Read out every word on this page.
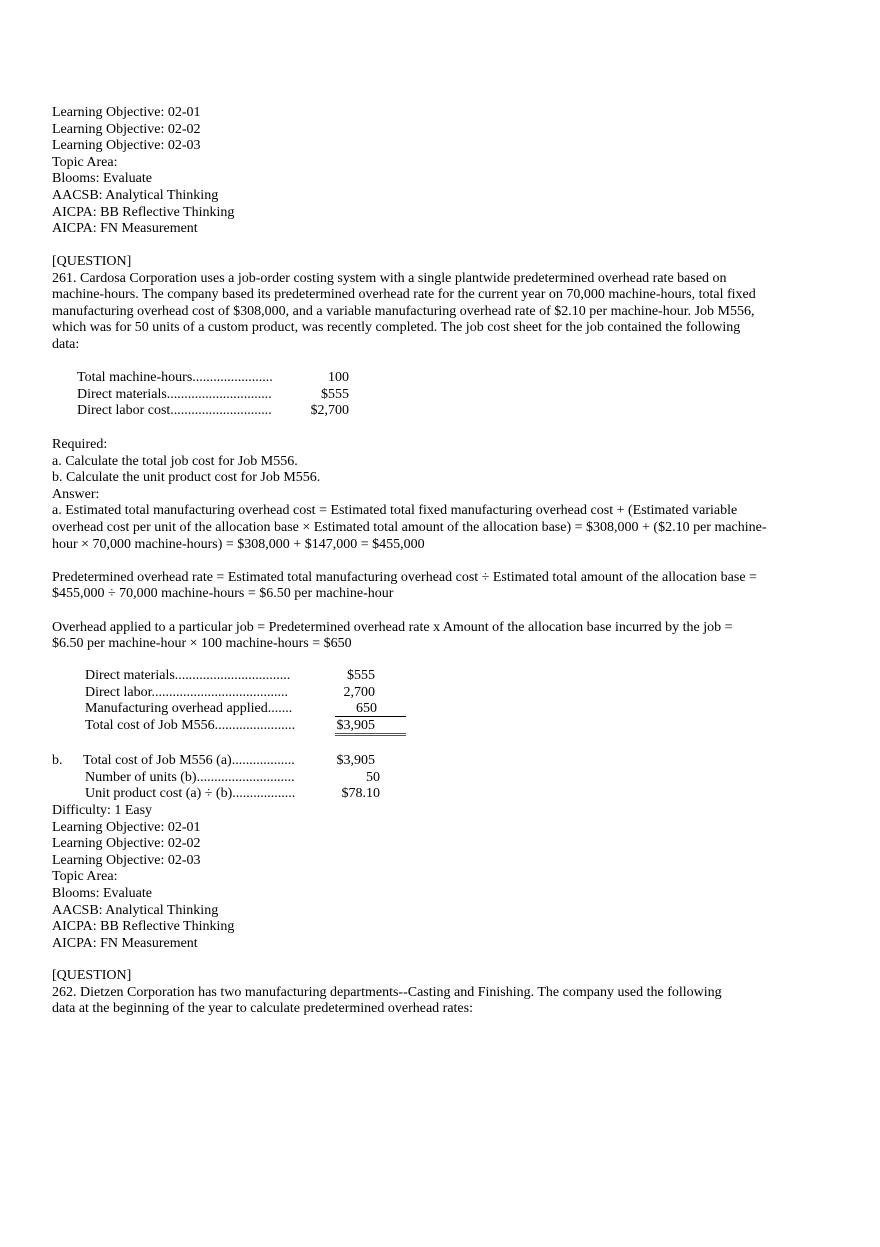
Learning Objective: 02-01
Learning Objective: 02-02
Learning Objective: 02-03
Topic Area:
Blooms: Evaluate
AACSB: Analytical Thinking
AICPA: BB Reflective Thinking
AICPA: FN Measurement
[QUESTION]

261. Cardosa Corporation uses a job-order costing system with a single plantwide predetermined overhead rate based on machine-hours. The company based its predetermined overhead rate for the current year on 70,000 machine-hours, total fixed manufacturing overhead cost of $308,000, and a variable manufacturing overhead rate of $2.10 per machine-hour. Job M556, which was for 50 units of a custom product, was recently completed. The job cost sheet for the job contained the following data:

Total machine-hours.......................	100
Direct materials..............................	$555
Direct labor cost.............................	$2,700
Required:
a. Calculate the total job cost for Job M556.
b. Calculate the unit product cost for Job M556.
Answer:

a. Estimated total manufacturing overhead cost = Estimated total fixed manufacturing overhead cost + (Estimated variable overhead cost per unit of the allocation base × Estimated total amount of the allocation base) = $308,000 + ($2.10 per machine-hour × 70,000 machine-hours) = $308,000 + $147,000 = $455,000

Predetermined overhead rate = Estimated total manufacturing overhead cost ÷ Estimated total amount of the allocation base = $455,000 ÷ 70,000 machine-hours = $6.50 per machine-hour

Overhead applied to a particular job = Predetermined overhead rate x Amount of the allocation base incurred by the job = $6.50 per machine-hour × 100 machine-hours = $650

Direct materials.................................	$555
Direct labor.......................................	2,700
Manufacturing overhead applied.......	650
Total cost of Job M556.......................	$3,905
b. Total cost of Job M556 (a)..................	$3,905
Number of units (b)............................	50
Unit product cost (a) ÷ (b)..................	$78.10
Difficulty: 1 Easy
Learning Objective: 02-01
Learning Objective: 02-02
Learning Objective: 02-03
Topic Area:
Blooms: Evaluate
AACSB: Analytical Thinking
AICPA: BB Reflective Thinking
AICPA: FN Measurement
[QUESTION]

262. Dietzen Corporation has two manufacturing departments--Casting and Finishing. The company used the following data at the beginning of the year to calculate predetermined overhead rates:
